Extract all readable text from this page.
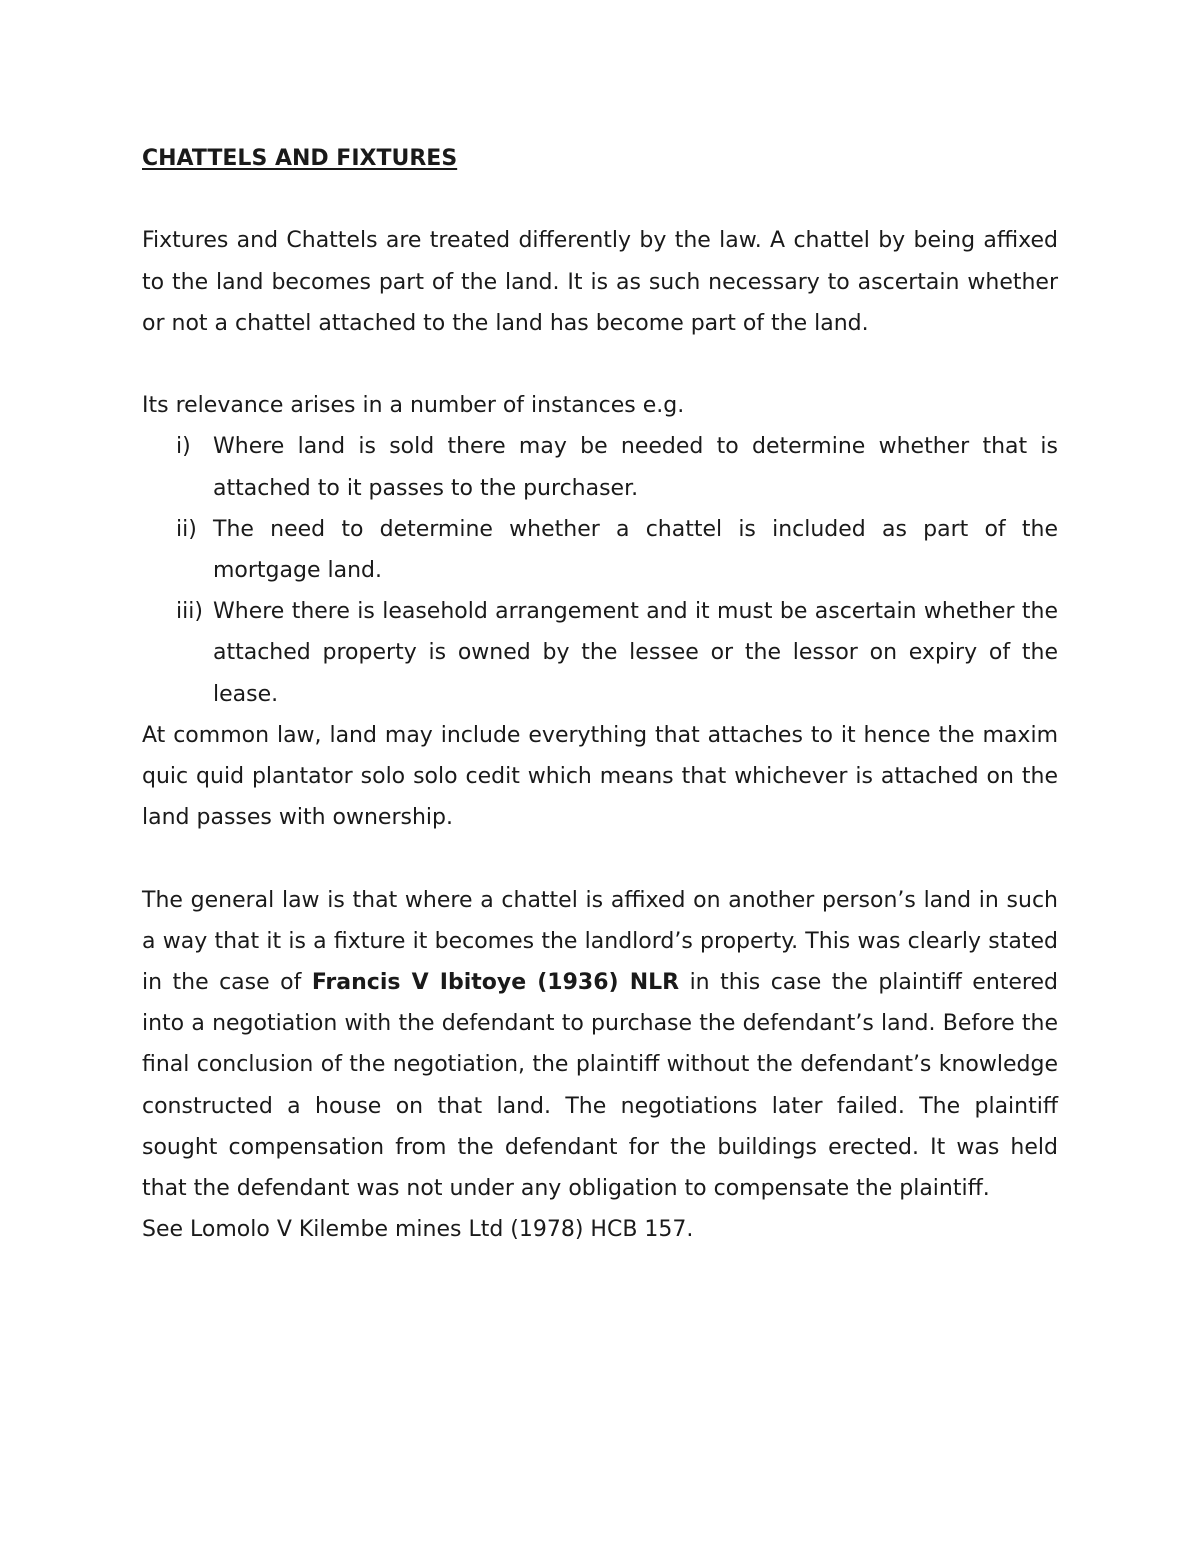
CHATTELS AND FIXTURES

Fixtures and Chattels are treated differently by the law. A chattel by being affixed to the land becomes part of the land. It is as such necessary to ascertain whether or not a chattel attached to the land has become part of the land.

Its relevance arises in a number of instances e.g.

i) Where land is sold there may be needed to determine whether that is attached to it passes to the purchaser.
ii) The need to determine whether a chattel is included as part of the mortgage land.
iii) Where there is leasehold arrangement and it must be ascertain whether the attached property is owned by the lessee or the lessor on expiry of the lease.

At common law, land may include everything that attaches to it hence the maxim quic quid plantator solo solo cedit which means that whichever is attached on the land passes with ownership.

The general law is that where a chattel is affixed on another person’s land in such a way that it is a fixture it becomes the landlord’s property. This was clearly stated in the case of Francis V Ibitoye (1936) NLR in this case the plaintiff entered into a negotiation with the defendant to purchase the defendant’s land. Before the final conclusion of the negotiation, the plaintiff without the defendant’s knowledge constructed a house on that land. The negotiations later failed. The plaintiff sought compensation from the defendant for the buildings erected. It was held that the defendant was not under any obligation to compensate the plaintiff.

See Lomolo V Kilembe mines Ltd (1978) HCB 157.
